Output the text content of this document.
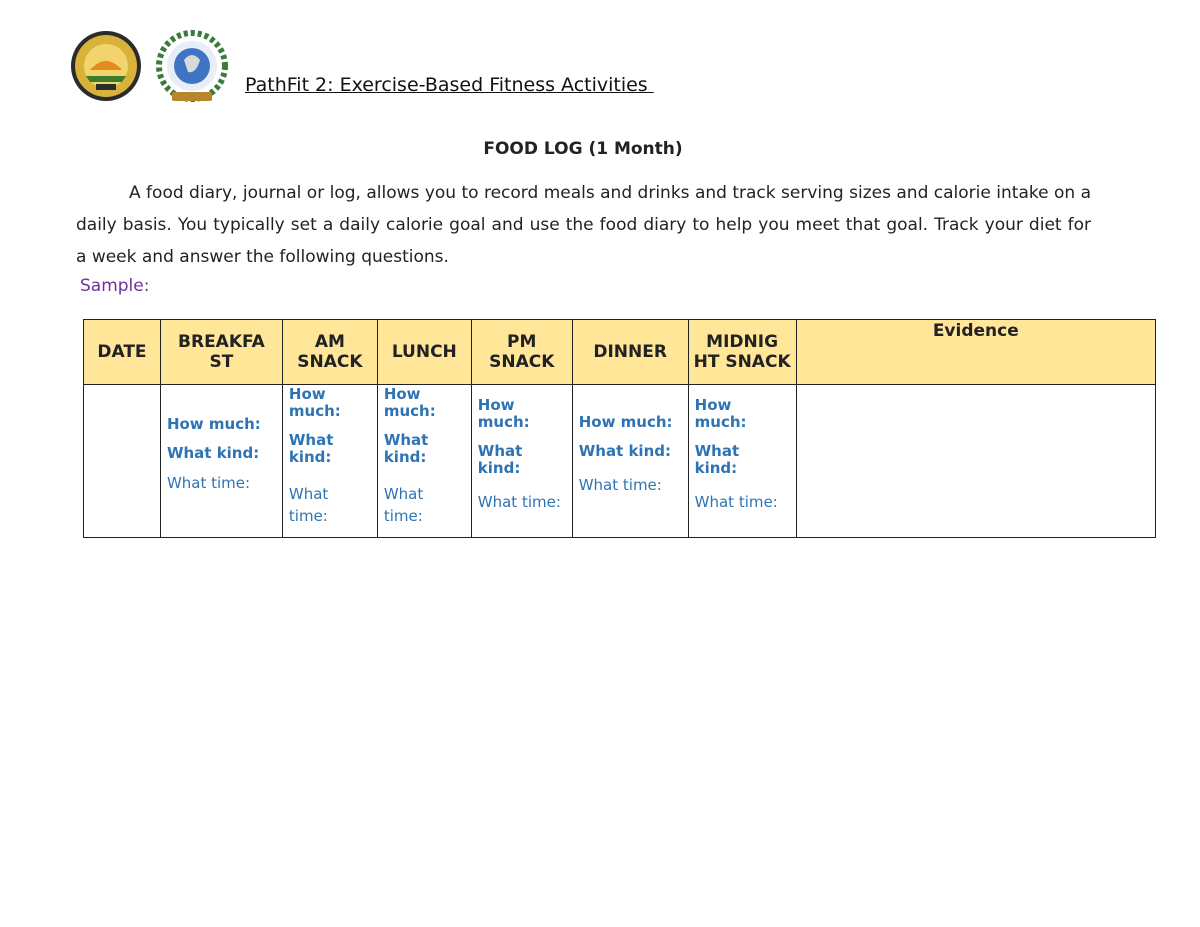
PathFit 2: Exercise-Based Fitness Activities
FOOD LOG (1 Month)

A food diary, journal or log, allows you to record meals and drinks and track serving sizes and calorie intake on a daily basis. You typically set a daily calorie goal and use the food diary to help you meet that goal. Track your diet for a week and answer the following questions.

Sample:
DATE	BREAKFA ST	AM SNACK	LUNCH	PM SNACK	DINNER	MIDNIG HT SNACK	Evidence

	How much:
What kind:
What time:	How much:
What kind:
What time:	How much:
What kind:
What time:	How much:
What kind:
What time:	How much:
What kind:
What time:	How much:
What kind:
What time:	
